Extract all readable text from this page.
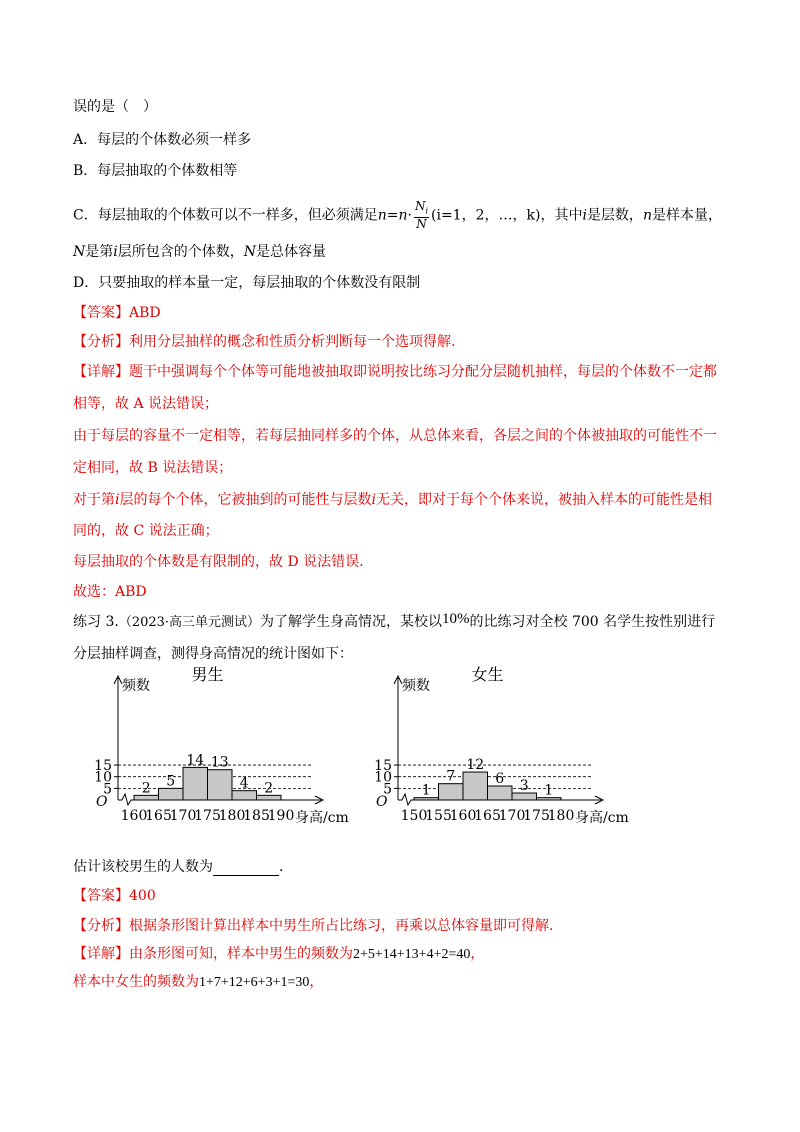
误的是（　）
A．每层的个体数必须一样多
B．每层抽取的个体数相等
C．每层抽取的个体数可以不一样多，但必须满足$n=n\cdot \frac{N_i}{N} (i=1$，2，…，k)，其中i是层数，n是样本量，
N是第i层所包含的个体数，N是总体容量
D．只要抽取的样本量一定，每层抽取的个体数没有限制
【答案】ABD
【分析】利用分层抽样的概念和性质分析判断每一个选项得解.
【详解】题干中强调每个个体等可能地被抽取即说明按比练习分配分层随机抽样，每层的个体数不一定都
相等，故 A 说法错误；
由于每层的容量不一定相等，若每层抽同样多的个体，从总体来看，各层之间的个体被抽取的可能性不一
定相同，故 B 说法错误；
对于第i层的每个个体，它被抽到的可能性与层数i无关，即对于每个个体来说，被抽入样本的可能性是相
同的，故 C 说法正确；
每层抽取的个体数是有限制的，故 D 说法错误.
故选：ABD
练习 3.（2023·高三单元测试）为了解学生身高情况，某校以10%的比练习对全校 700 名学生按性别进行
分层抽样调查，测得身高情况的统计图如下：
男生
频数
5
10
15
2 5
14 13
4 2
O
160
165
170
175
180
185
190 身高/cm
女生
频数
5
10
15
1
7
12
6 3 1
O
150
155
160
165
170
175
180 身高/cm
估计该校男生的人数为	.
【答案】400
【分析】根据条形图计算出样本中男生所占比练习，再乘以总体容量即可得解.
【详解】由条形图可知，样本中男生的频数为2+5+14+13+4+2=40，
样本中女生的频数为1+7+12+6+3+1=30，
